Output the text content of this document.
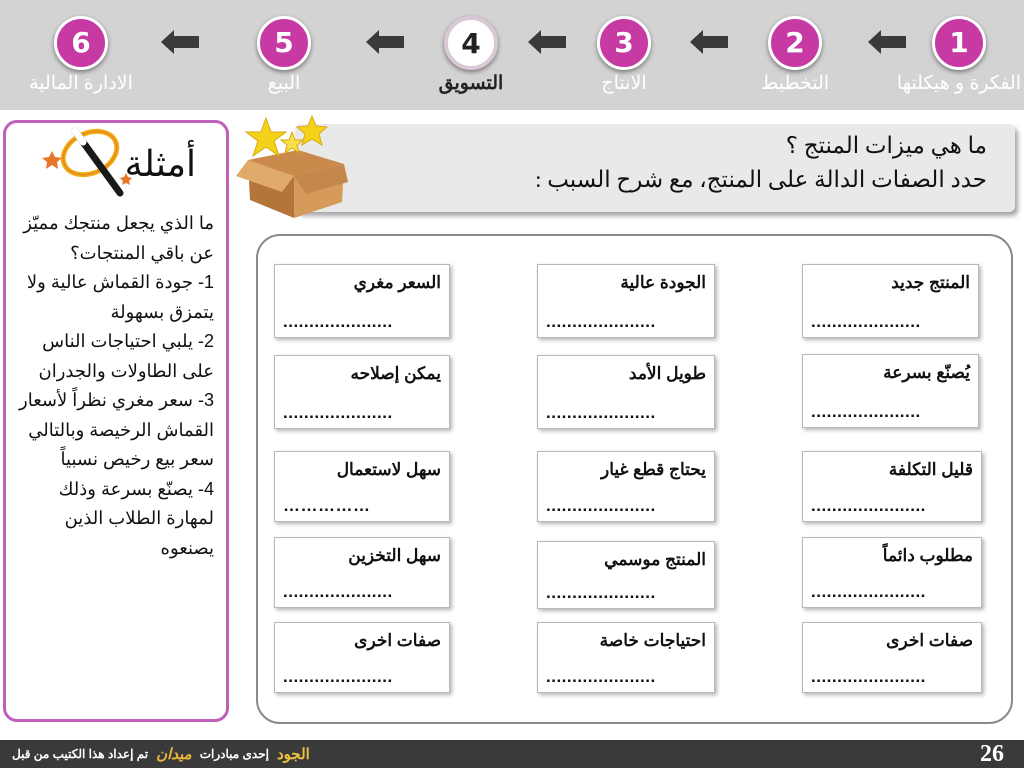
1
الفكرة و هيكلتها
2
التخطيط
3
الانتاج
4
التسويق
5
البيع
6
الادارة المالية
أمثلة

ما الذي يجعل منتجك مميّز عن باقي المنتجات؟

1- جودة القماش عالية ولا يتمزق بسهولة

2- يلبي احتياجات الناس على الطاولات والجدران

3- سعر مغري نظراً لأسعار القماش الرخيصة وبالتالي سعر بيع رخيص نسبياً

4- يصنّع بسرعة وذلك لمهارة الطلاب الذين يصنعوه

ما هي ميزات المنتج ؟
حدد الصفات الدالة على المنتج، مع شرح السبب :
المنتج جديد
.....................
الجودة عالية
.....................
السعر مغري
.....................
يُصنّع بسرعة
.....................
طويل الأمد
.....................
يمكن إصلاحه
.....................
قليل التكلفة
......................
يحتاج قطع غيار
.....................
سهل لاستعمال
……………
مطلوب دائماً
......................
المنتج موسمي
.....................
سهل التخزين
.....................
صفات اخرى
......................
احتياجات خاصة
.....................
صفات اخرى
.....................
26
تم إعداد هذا الكتيب من قبل ميدان إحدى مبادرات الجود
